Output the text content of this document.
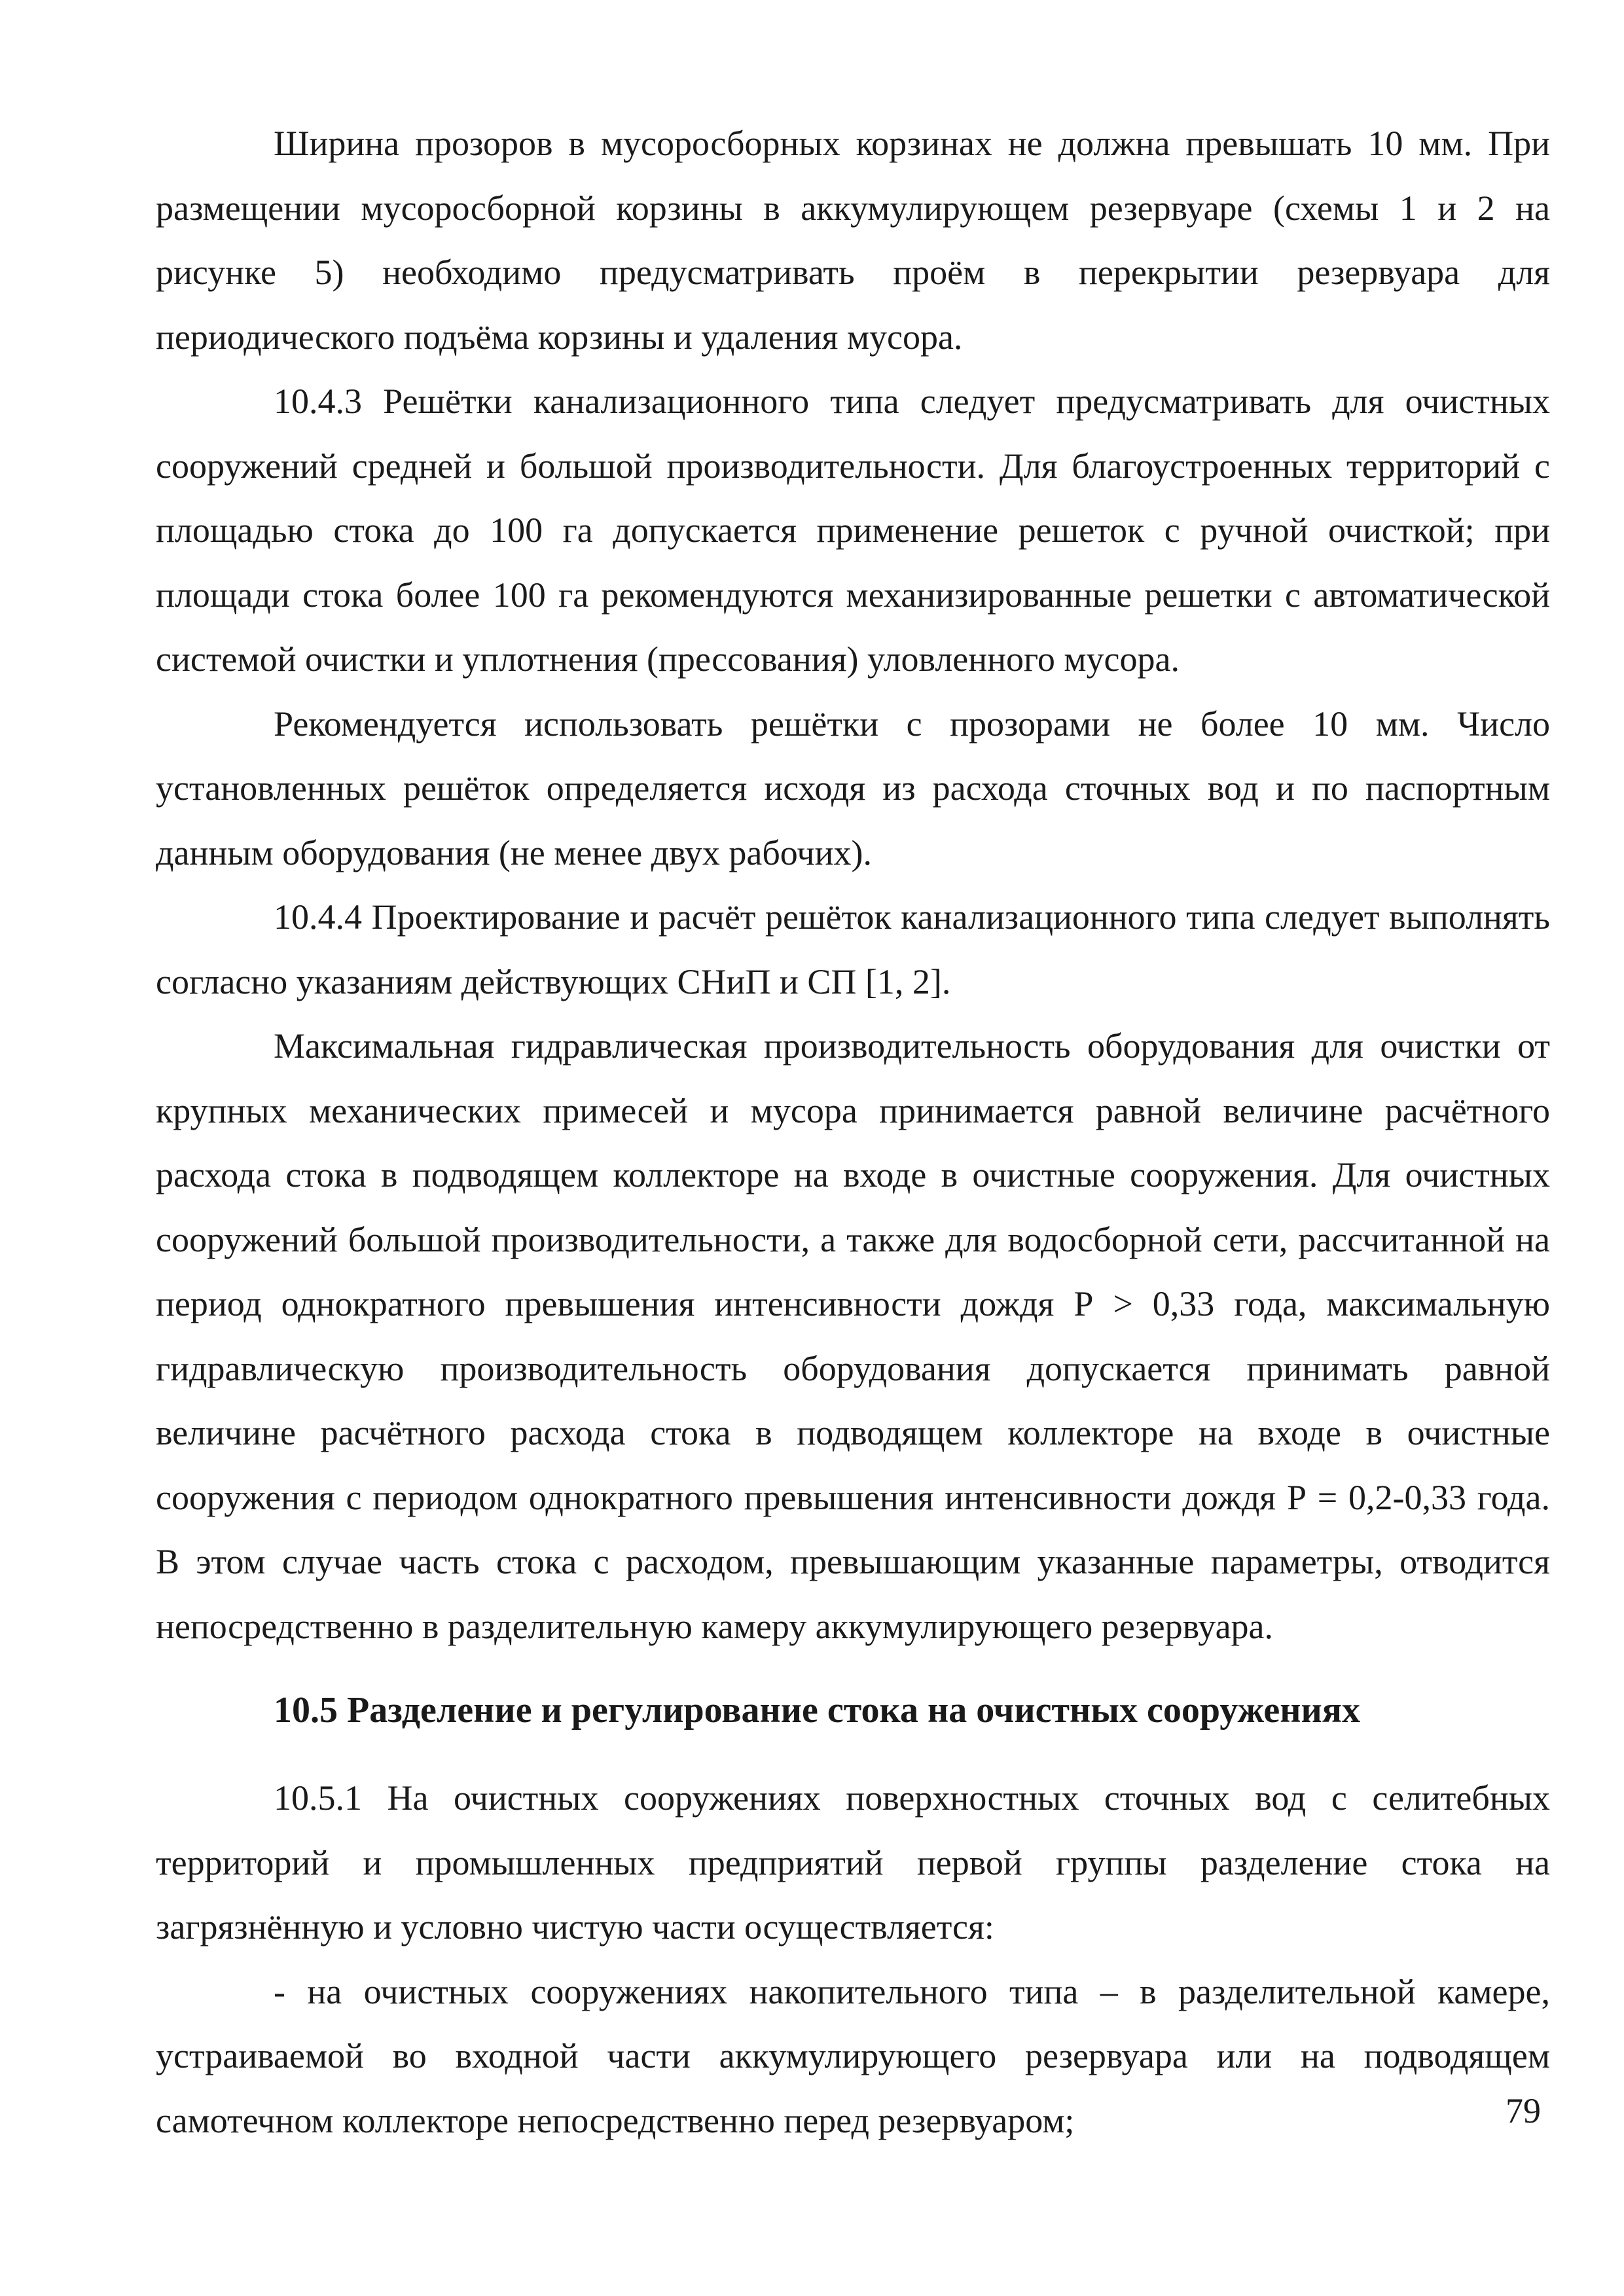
Ширина прозоров в мусоросборных корзинах не должна превышать 10 мм. При размещении мусоросборной корзины в аккумулирующем резервуаре (схемы 1 и 2 на рисунке 5) необходимо предусматривать проём в перекрытии резервуара для периодического подъёма корзины и удаления мусора.

10.4.3 Решётки канализационного типа следует предусматривать для очистных сооружений средней и большой производительности. Для благоустроенных территорий с площадью стока до 100 га допускается применение решеток с ручной очисткой; при площади стока более 100 га рекомендуются механизированные решетки с автоматической системой очистки и уплотнения (прессования) уловленного мусора.

Рекомендуется использовать решётки с прозорами не более 10 мм. Число установленных решёток определяется исходя из расхода сточных вод и по паспортным данным оборудования (не менее двух рабочих).

10.4.4 Проектирование и расчёт решёток канализационного типа следует выполнять согласно указаниям действующих СНиП и СП [1, 2].

Максимальная гидравлическая производительность оборудования для очистки от крупных механических примесей и мусора принимается равной величине расчётного расхода стока в подводящем коллекторе на входе в очистные сооружения. Для очистных сооружений большой производительности, а также для водосборной сети, рассчитанной на период однократного превышения интенсивности дождя Р > 0,33 года, максимальную гидравлическую производительность оборудования допускается принимать равной величине расчётного расхода стока в подводящем коллекторе на входе в очистные сооружения с периодом однократного превышения интенсивности дождя Р = 0,2-0,33 года. В этом случае часть стока с расходом, превышающим указанные параметры, отводится непосредственно в разделительную камеру аккумулирующего резервуара.

10.5 Разделение и регулирование стока на очистных сооружениях

10.5.1 На очистных сооружениях поверхностных сточных вод с селитебных территорий и промышленных предприятий первой группы разделение стока на загрязнённую и условно чистую части осуществляется:

- на очистных сооружениях накопительного типа – в разделительной камере, устраиваемой во входной части аккумулирующего резервуара или на подводящем самотечном коллекторе непосредственно перед резервуаром;	79
